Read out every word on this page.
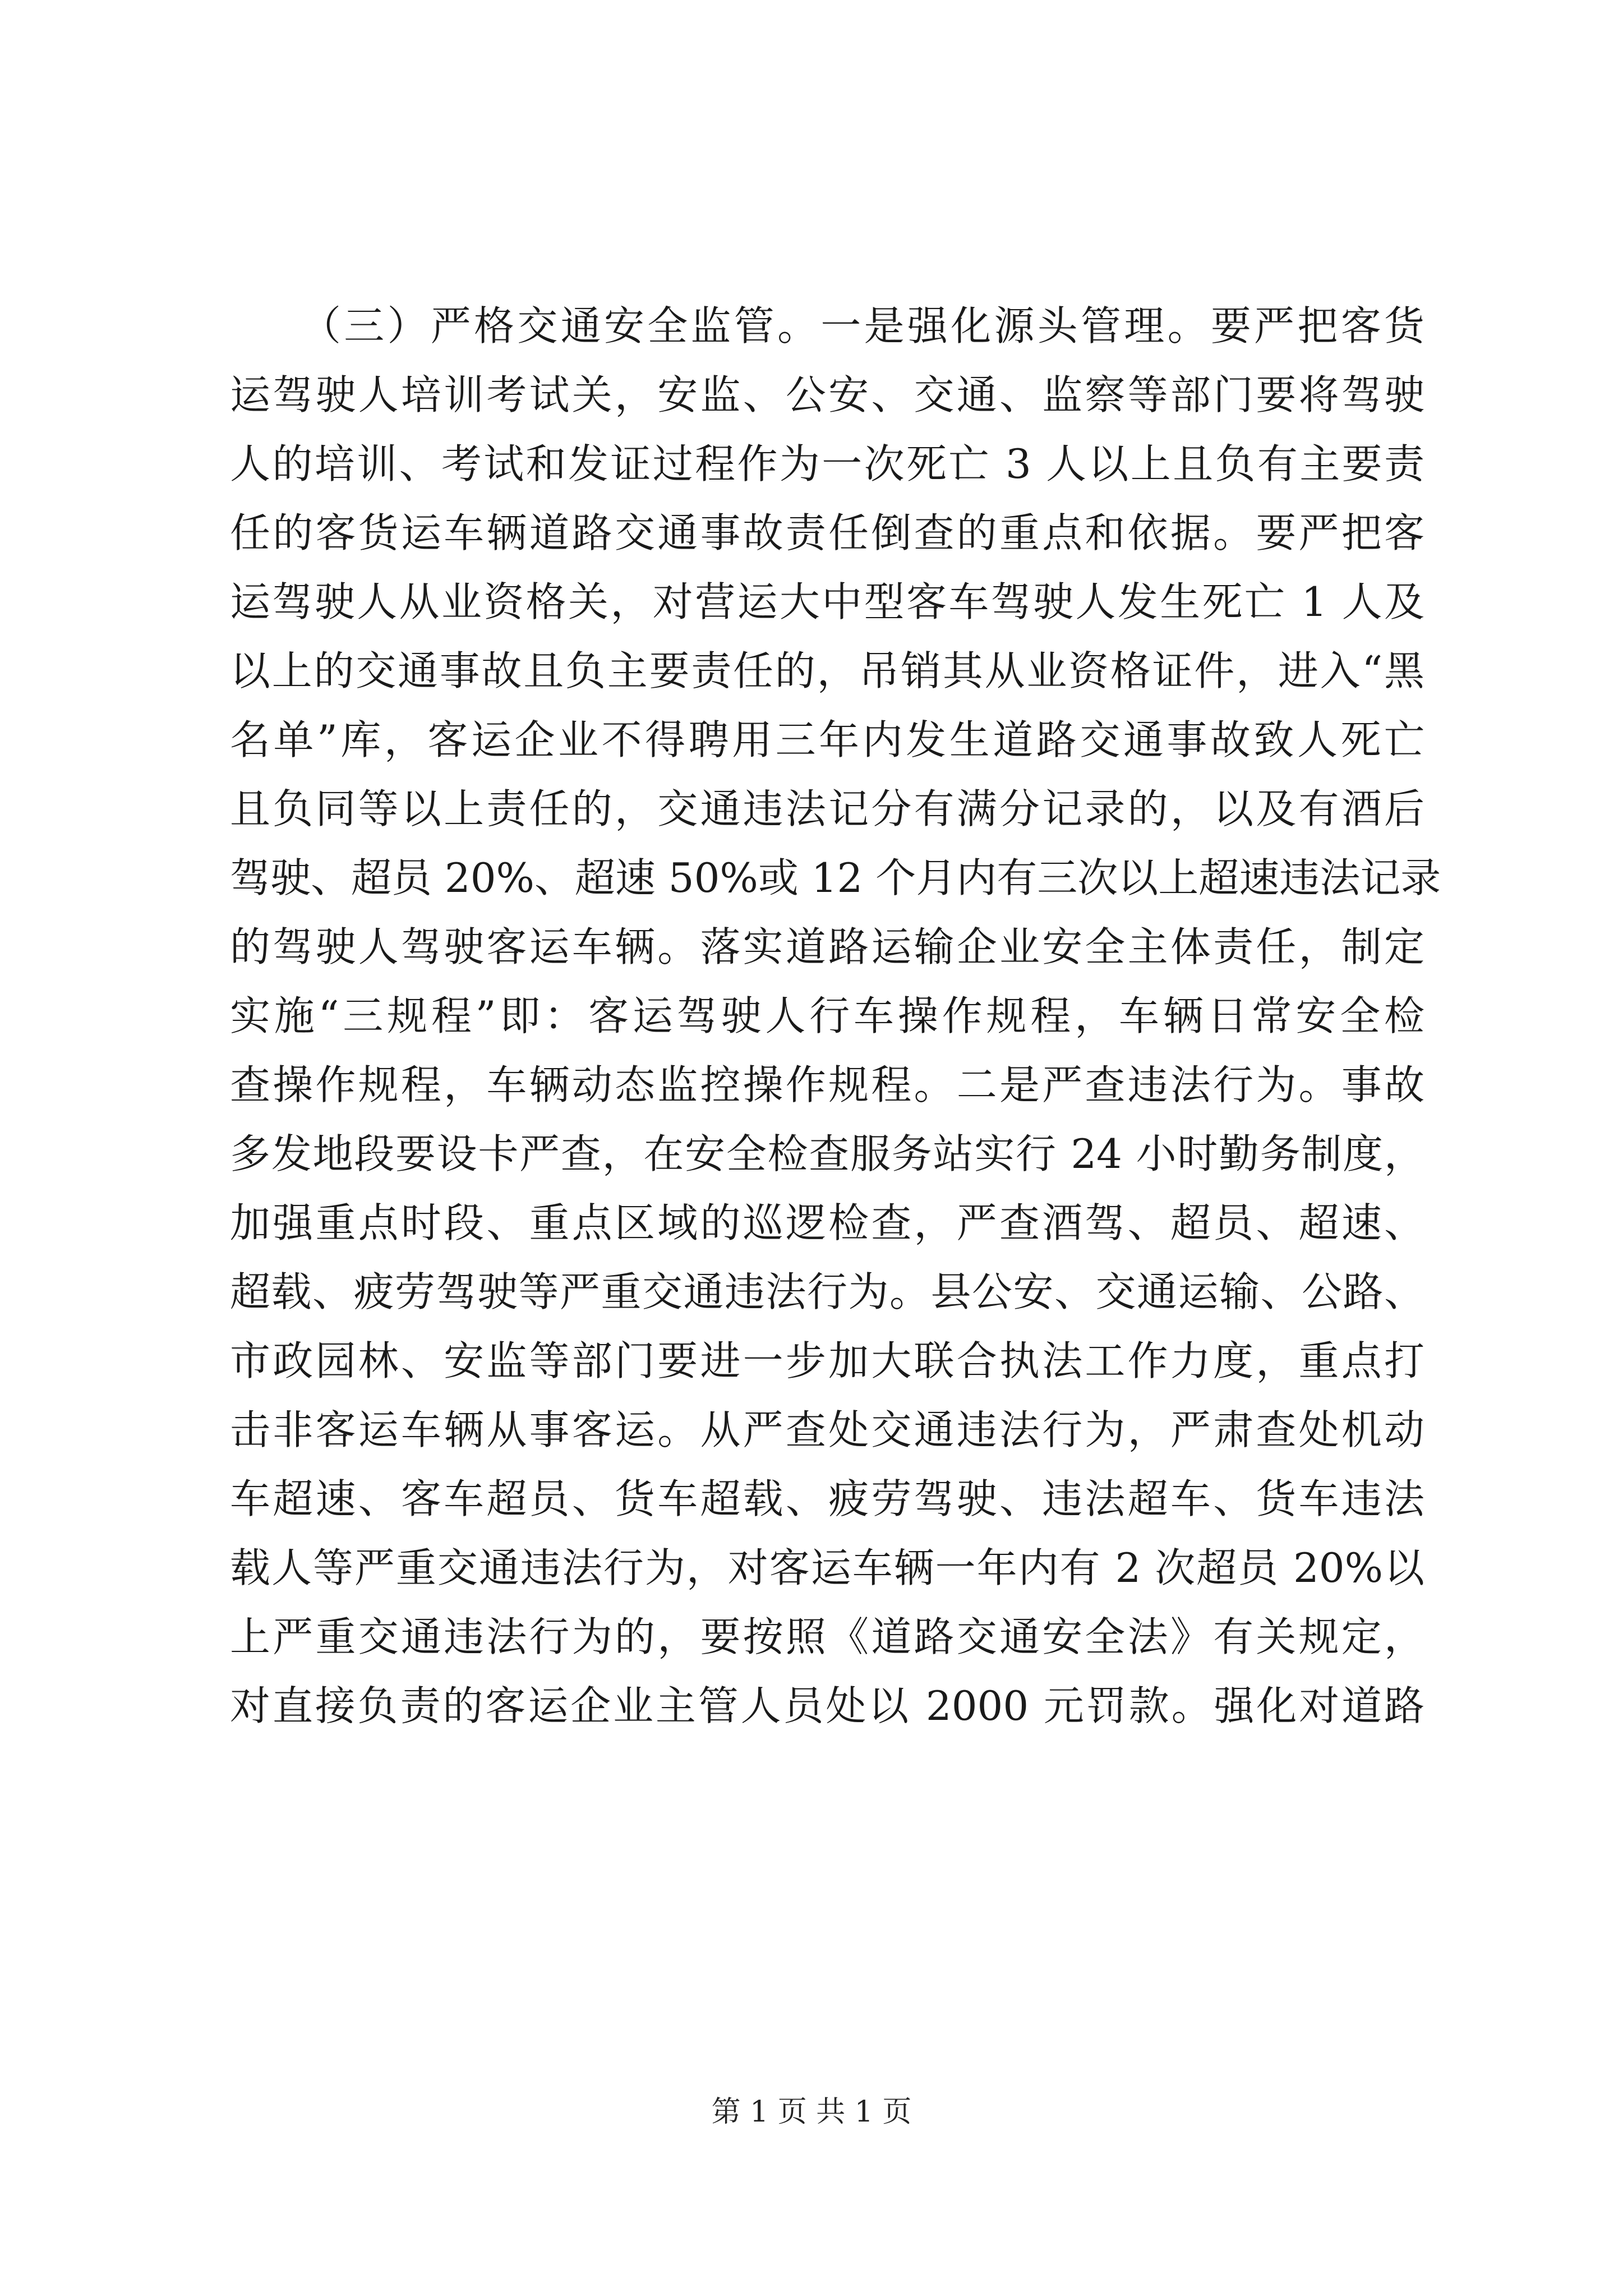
（三）严格交通安全监管。一是强化源头管理。要严把客货
运驾驶人培训考试关，安监、公安、交通、监察等部门要将驾驶
人的培训、考试和发证过程作为一次死亡 3 人以上且负有主要责
任的客货运车辆道路交通事故责任倒查的重点和依据。要严把客
运驾驶人从业资格关，对营运大中型客车驾驶人发生死亡 1 人及
以上的交通事故且负主要责任的，吊销其从业资格证件，进入“黑
名单”库，客运企业不得聘用三年内发生道路交通事故致人死亡
且负同等以上责任的，交通违法记分有满分记录的，以及有酒后
驾驶、超员 20%、超速 50%或 12 个月内有三次以上超速违法记录
的驾驶人驾驶客运车辆。落实道路运输企业安全主体责任，制定
实施“三规程”即：客运驾驶人行车操作规程，车辆日常安全检
查操作规程，车辆动态监控操作规程。二是严查违法行为。事故
多发地段要设卡严查，在安全检查服务站实行 24 小时勤务制度，
加强重点时段、重点区域的巡逻检查，严查酒驾、超员、超速、
超载、疲劳驾驶等严重交通违法行为。县公安、交通运输、公路、
市政园林、安监等部门要进一步加大联合执法工作力度，重点打
击非客运车辆从事客运。从严查处交通违法行为，严肃查处机动
车超速、客车超员、货车超载、疲劳驾驶、违法超车、货车违法
载人等严重交通违法行为，对客运车辆一年内有 2 次超员 20%以
上严重交通违法行为的，要按照《道路交通安全法》有关规定，
对直接负责的客运企业主管人员处以 2000 元罚款。强化对道路
第 1 页 共 1 页
